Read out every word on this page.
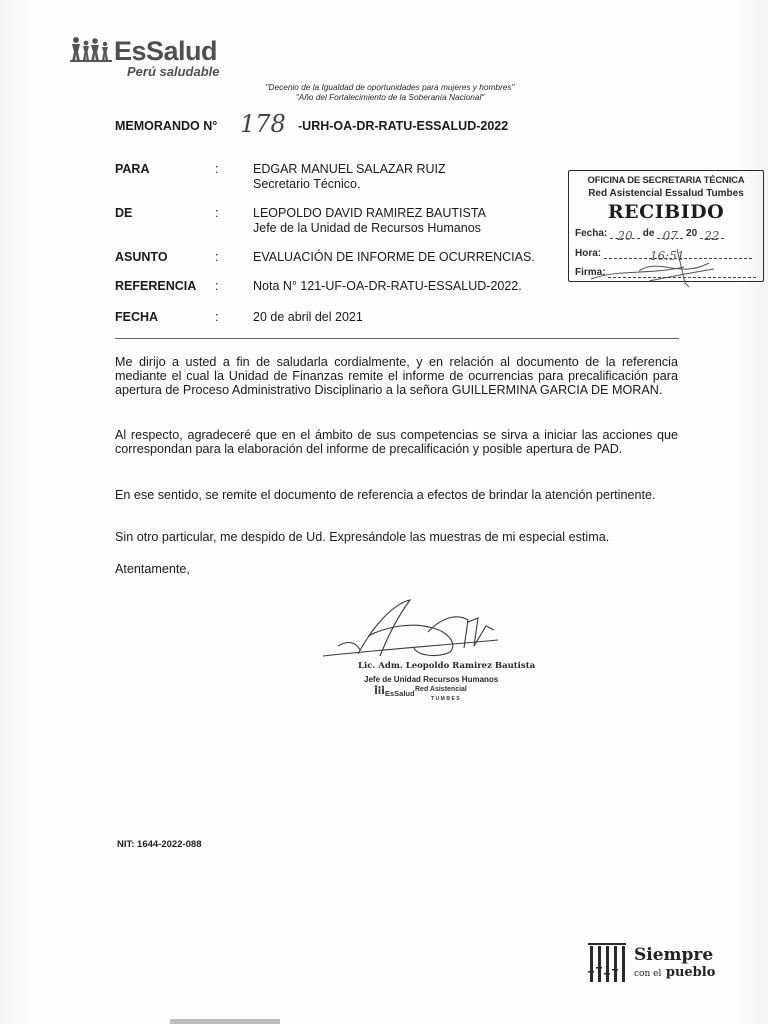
EsSalud
Perú saludable
"Decenio de la Igualdad de oportunidades para mujeres y hombres"
"Año del Fortalecimiento de la Soberanía Nacional"
MEMORANDO N° 178 -URH-OA-DR-RATU-ESSALUD-2022
PARA	:	EDGAR MANUEL SALAZAR RUIZ
Secretario Técnico.
DE	:	LEOPOLDO DAVID RAMIREZ BAUTISTA
Jefe de la Unidad de Recursos Humanos
ASUNTO	:	EVALUACIÓN DE INFORME DE OCURRENCIAS.
REFERENCIA :	Nota N° 121-UF-OA-DR-RATU-ESSALUD-2022.
FECHA	:	20 de abril del 2021
OFICINA DE SECRETARIA TÉCNICA
Red Asistencial Essalud Tumbes
RECIBIDO
Fecha: 20 de 07 20 22
Hora:	16:51
Firma:
Me dirijo a usted a fin de saludarla cordialmente, y en relación al documento de la referencia mediante el cual la Unidad de Finanzas remite el informe de ocurrencias para precalificación para apertura de Proceso Administrativo Disciplinario a la señora GUILLERMINA GARCIA DE MORAN.
Al respecto, agradeceré que en el ámbito de sus competencias se sirva a iniciar las acciones que correspondan para la elaboración del informe de precalificación y posible apertura de PAD.
En ese sentido, se remite el documento de referencia a efectos de brindar la atención pertinente.
Sin otro particular, me despido de Ud. Expresándole las muestras de mi especial estima.
Atentamente,
Lic. Adm. Leopoldo Ramirez Bautista
Jefe de Unidad Recursos Humanos
EsSalud Red Asistencial
TUMBES
NIT: 1644-2022-088
Siempre
con el pueblo
